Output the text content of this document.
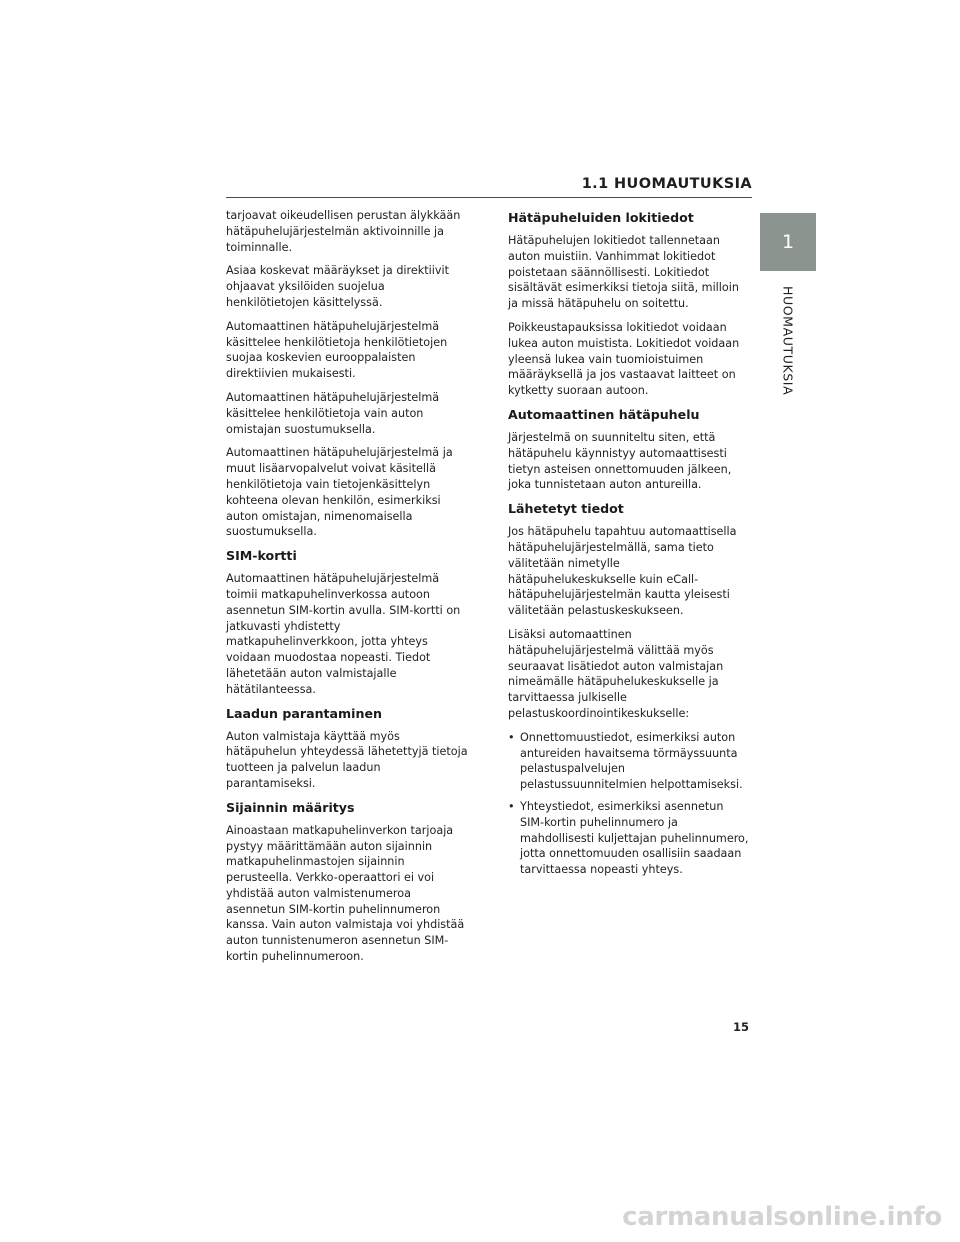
1.1 HUOMAUTUKSIA
1
HUOMAUTUKSIA

tarjoavat oikeudellisen perustan älykkään hätäpuhelujärjestelmän aktivoinnille ja toiminnalle.

Asiaa koskevat määräykset ja direktiivit ohjaavat yksilöiden suojelua henkilötietojen käsittelyssä.

Automaattinen hätäpuhelujärjestelmä käsittelee henkilötietoja henkilötietojen suojaa koskevien eurooppalaisten direktiivien mukaisesti.

Automaattinen hätäpuhelujärjestelmä käsittelee henkilötietoja vain auton omistajan suostumuksella.

Automaattinen hätäpuhelujärjestelmä ja muut lisäarvopalvelut voivat käsitellä henkilötietoja vain tietojenkäsittelyn kohteena olevan henkilön, esimerkiksi auton omistajan, nimenomaisella suostumuksella.

SIM-kortti

Automaattinen hätäpuhelujärjestelmä toimii matkapuhelinverkossa autoon asennetun SIM-kortin avulla. SIM-kortti on jatkuvasti yhdistetty matkapuhelinverkkoon, jotta yhteys voidaan muodostaa nopeasti. Tiedot lähetetään auton valmistajalle hätätilanteessa.

Laadun parantaminen

Auton valmistaja käyttää myös hätäpuhelun yhteydessä lähetettyjä tietoja tuotteen ja palvelun laadun parantamiseksi.

Sijainnin määritys

Ainoastaan matkapuhelinverkon tarjoaja pystyy määrittämään auton sijainnin matkapuhelinmastojen sijainnin perusteella. Verkko-operaattori ei voi yhdistää auton valmistenumeroa asennetun SIM-kortin puhelinnumeron kanssa. Vain auton valmistaja voi yhdistää auton tunnistenumeron asennetun SIM-kortin puhelinnumeroon.

Hätäpuheluiden lokitiedot

Hätäpuhelujen lokitiedot tallennetaan auton muistiin. Vanhimmat lokitiedot poistetaan säännöllisesti. Lokitiedot sisältävät esimerkiksi tietoja siitä, milloin ja missä hätäpuhelu on soitettu.

Poikkeustapauksissa lokitiedot voidaan lukea auton muistista. Lokitiedot voidaan yleensä lukea vain tuomioistuimen määräyksellä ja jos vastaavat laitteet on kytketty suoraan autoon.

Automaattinen hätäpuhelu

Järjestelmä on suunniteltu siten, että hätäpuhelu käynnistyy automaattisesti tietyn asteisen onnettomuuden jälkeen, joka tunnistetaan auton antureilla.

Lähetetyt tiedot

Jos hätäpuhelu tapahtuu automaattisella hätäpuhelujärjestelmällä, sama tieto välitetään nimetylle hätäpuhelukeskukselle kuin eCall-hätäpuhelujärjestelmän kautta yleisesti välitetään pelastuskeskukseen.

Lisäksi automaattinen hätäpuhelujärjestelmä välittää myös seuraavat lisätiedot auton valmistajan nimeämälle hätäpuhelukeskukselle ja tarvittaessa julkiselle pelastuskoordinointikeskukselle:

• Onnettomuustiedot, esimerkiksi auton antureiden havaitsema törmäyssuunta pelastuspalvelujen pelastussuunnitelmien helpottamiseksi.
• Yhteystiedot, esimerkiksi asennetun SIM-kortin puhelinnumero ja mahdollisesti kuljettajan puhelinnumero, jotta onnettomuuden osallisiin saadaan tarvittaessa nopeasti yhteys.
15
carmanualsonline.info
